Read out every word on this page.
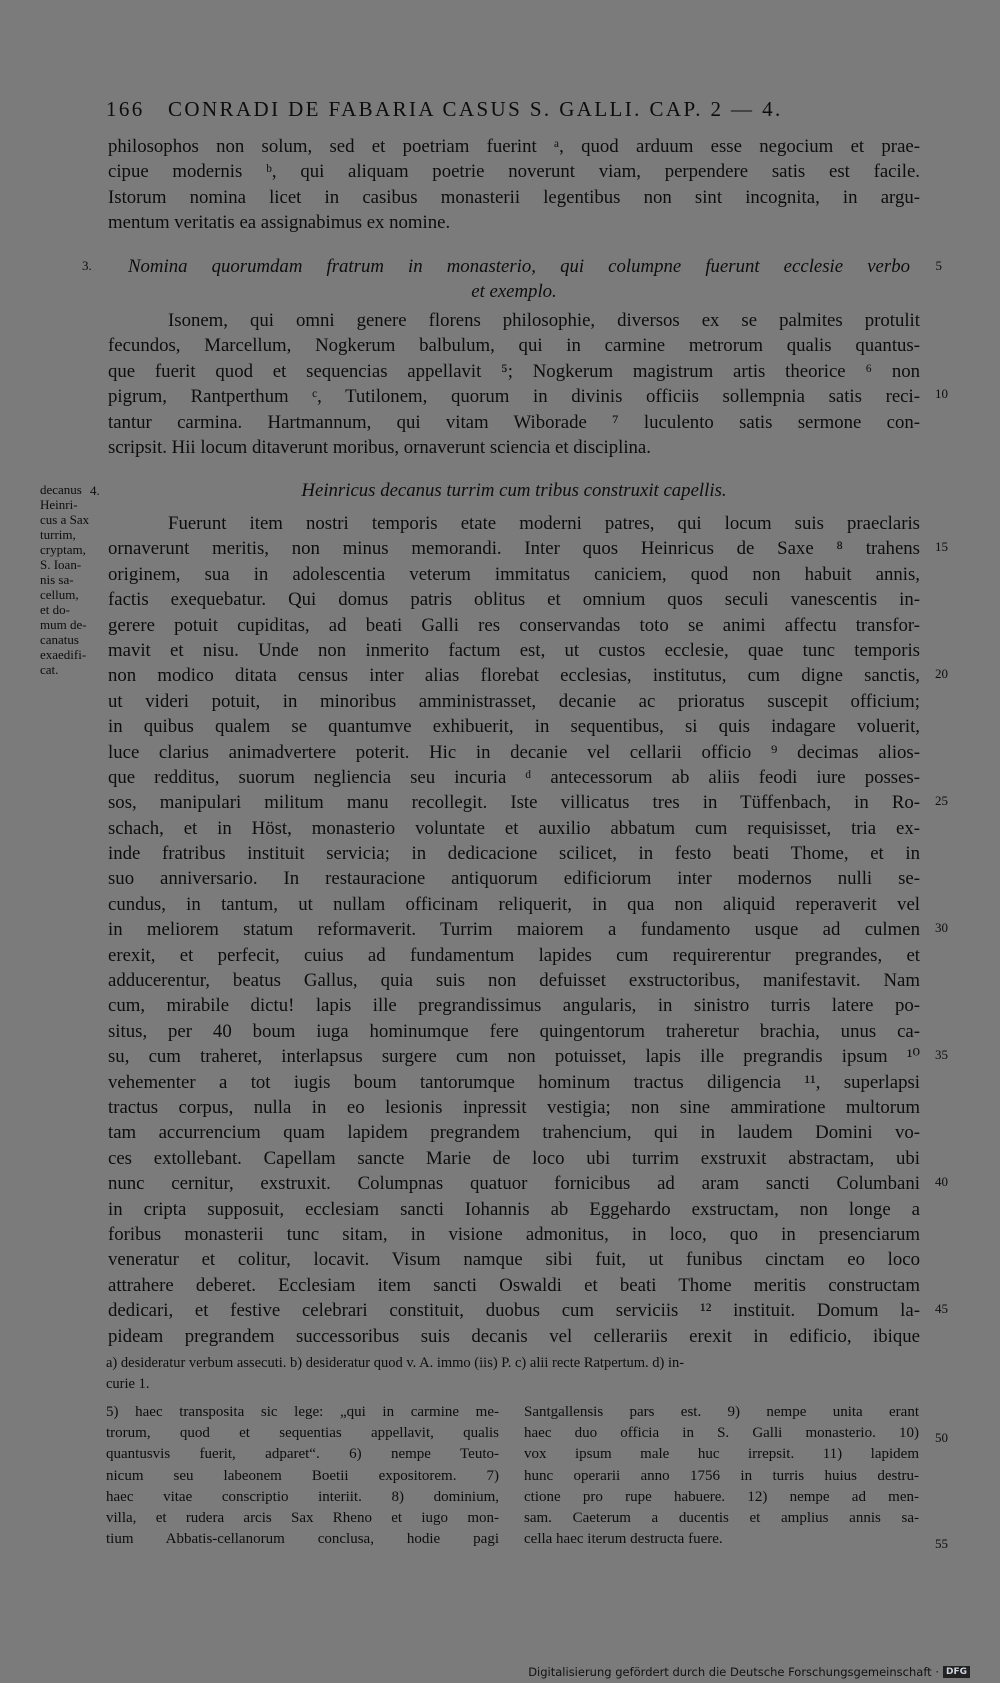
166 CONRADI DE FABARIA CASUS S. GALLI. CAP. 2 — 4.
philosophos non solum, sed et poetriam fuerint ᵃ, quod arduum esse negocium et prae-
cipue modernis ᵇ, qui aliquam poetrie noverunt viam, perpendere satis est facile.
Istorum nomina licet in casibus monasterii legentibus non sint incognita, in argu-
mentum veritatis ea assignabimus ex nomine.
3.	Nomina quorumdam fratrum in monasterio, qui columpne fuerunt ecclesie verbo
et exemplo.
Isonem, qui omni genere florens philosophie, diversos ex se palmites protulit
fecundos, Marcellum, Nogkerum balbulum, qui in carmine metrorum qualis quantus-
que fuerit quod et sequencias appellavit ⁵; Nogkerum magistrum artis theorice ⁶ non
pigrum, Rantperthum ᶜ, Tutilonem, quorum in divinis officiis sollempnia satis reci-
tantur carmina. Hartmannum, qui vitam Wiborade ⁷ luculento satis sermone con-
scripsit. Hii locum ditaverunt moribus, ornaverunt sciencia et disciplina.
4.	Heinricus decanus turrim cum tribus construxit capellis.
decanus
Heinri-
cus a Sax
turrim,
cryptam,
S. Ioan-
nis sa-
cellum,
et do-
mum de-
canatus
exaedifi-
cat.
Fuerunt item nostri temporis etate moderni patres, qui locum suis praeclaris
ornaverunt meritis, non minus memorandi. Inter quos Heinricus de Saxe ⁸ trahens
originem, sua in adolescentia veterum immitatus caniciem, quod non habuit annis,
factis exequebatur. Qui domus patris oblitus et omnium quos seculi vanescentis in-
gerere potuit cupiditas, ad beati Galli res conservandas toto se animi affectu transfor-
mavit et nisu. Unde non inmerito factum est, ut custos ecclesie, quae tunc temporis
non modico ditata census inter alias florebat ecclesias, institutus, cum digne sanctis,
ut videri potuit, in minoribus amministrasset, decanie ac prioratus suscepit officium;
in quibus qualem se quantumve exhibuerit, in sequentibus, si quis indagare voluerit,
luce clarius animadvertere poterit. Hic in decanie vel cellarii officio ⁹ decimas alios-
que redditus, suorum negliencia seu incuria ᵈ antecessorum ab aliis feodi iure posses-
sos, manipulari militum manu recollegit. Iste villicatus tres in Tüffenbach, in Ro-
schach, et in Höst, monasterio voluntate et auxilio abbatum cum requisisset, tria ex-
inde fratribus instituit servicia; in dedicacione scilicet, in festo beati Thome, et in
suo anniversario. In restauracione antiquorum edificiorum inter modernos nulli se-
cundus, in tantum, ut nullam officinam reliquerit, in qua non aliquid reperaverit vel
in meliorem statum reformaverit. Turrim maiorem a fundamento usque ad culmen
erexit, et perfecit, cuius ad fundamentum lapides cum requirerentur pregrandes, et
adducerentur, beatus Gallus, quia suis non defuisset exstructoribus, manifestavit. Nam
cum, mirabile dictu! lapis ille pregrandissimus angularis, in sinistro turris latere po-
situs, per 40 boum iuga hominumque fere quingentorum traheretur brachia, unus ca-
su, cum traheret, interlapsus surgere cum non potuisset, lapis ille pregrandis ipsum ¹⁰
vehementer a tot iugis boum tantorumque hominum tractus diligencia ¹¹, superlapsi
tractus corpus, nulla in eo lesionis inpressit vestigia; non sine ammiratione multorum
tam accurrencium quam lapidem pregrandem trahencium, qui in laudem Domini vo-
ces extollebant. Capellam sancte Marie de loco ubi turrim exstruxit abstractam, ubi
nunc cernitur, exstruxit. Columpnas quatuor fornicibus ad aram sancti Columbani
in cripta supposuit, ecclesiam sancti Iohannis ab Eggehardo exstructam, non longe a
foribus monasterii tunc sitam, in visione admonitus, in loco, quo in presenciarum
veneratur et colitur, locavit. Visum namque sibi fuit, ut funibus cinctam eo loco
attrahere deberet. Ecclesiam item sancti Oswaldi et beati Thome meritis constructam
dedicari, et festive celebrari constituit, duobus cum serviciis ¹² instituit. Domum la-
pideam pregrandem successoribus suis decanis vel cellerariis erexit in edificio, ibique
5
10
15
20
25
30
35
40
45
50
55
a) desideratur verbum assecuti. b) desideratur quod v. A. immo (iis) P. c) alii recte Ratpertum. d) in-
curie 1.
5) haec transposita sic lege: „qui in carmine me-
trorum, quod et sequentias appellavit, qualis
quantusvis fuerit, adparet“. 6) nempe Teuto-
nicum seu labeonem Boetii expositorem. 7)
haec vitae conscriptio interiit. 8) dominium,
villa, et rudera arcis Sax Rheno et iugo mon-
tium Abbatis-cellanorum conclusa, hodie pagi
Santgallensis pars est. 9) nempe unita erant
haec duo officia in S. Galli monasterio. 10)
vox ipsum male huc irrepsit. 11) lapidem
hunc operarii anno 1756 in turris huius destru-
ctione pro rupe habuere. 12) nempe ad men-
sam. Caeterum a ducentis et amplius annis sa-
cella haec iterum destructa fuere.
Digitalisierung gefördert durch die Deutsche Forschungsgemeinschaft · DFG
